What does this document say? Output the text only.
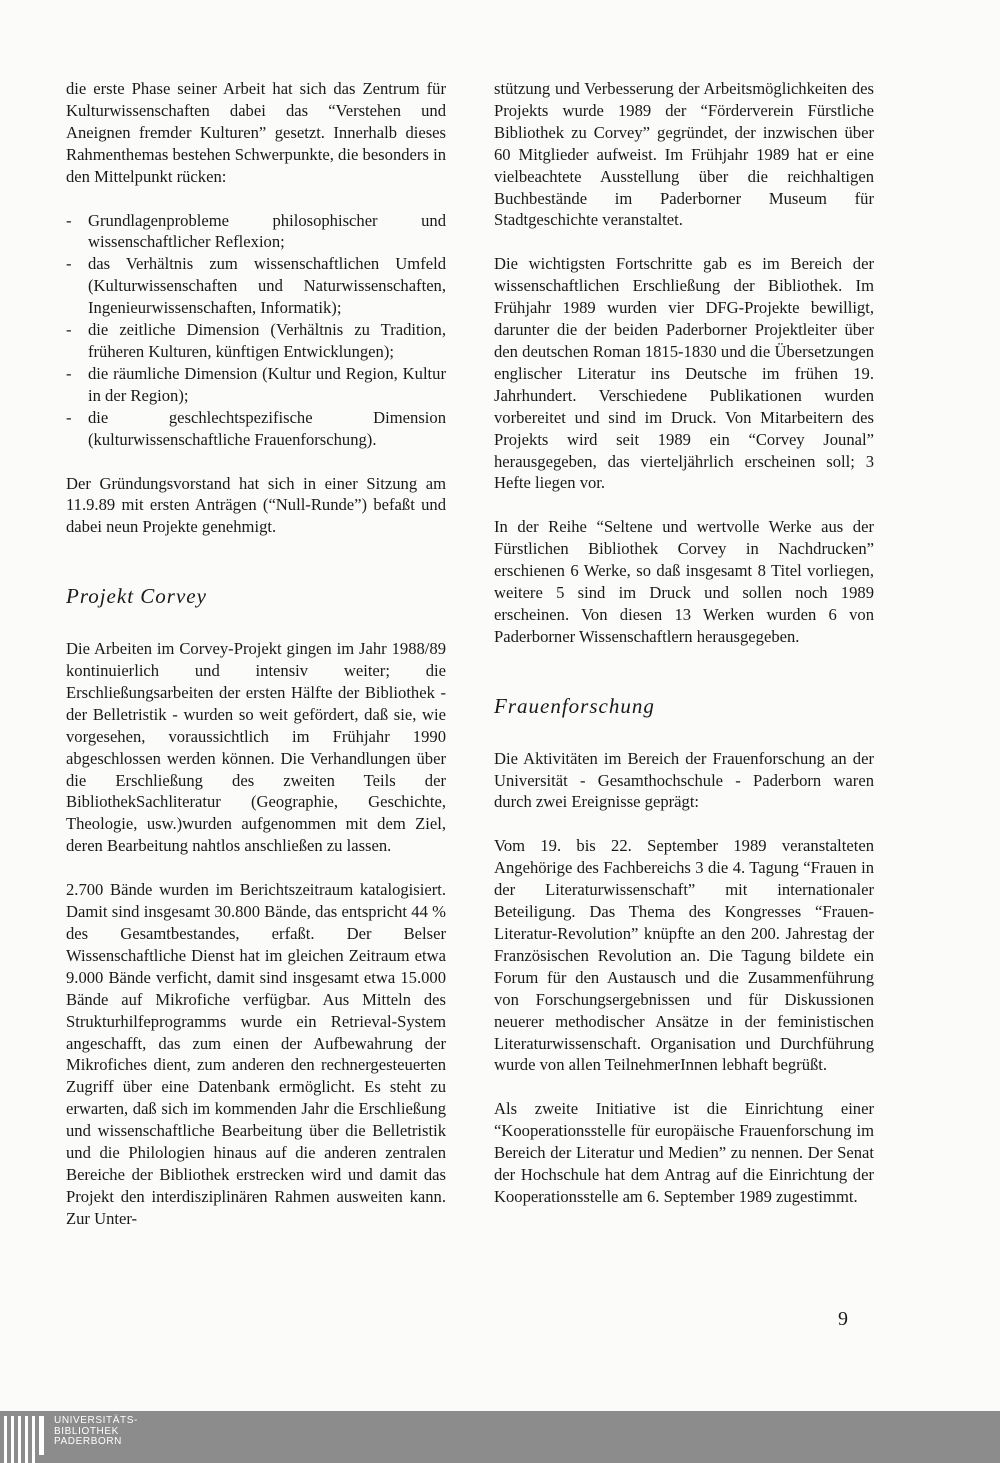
die erste Phase seiner Arbeit hat sich das Zentrum für Kulturwissenschaften dabei das “Verstehen und Aneignen fremder Kulturen” gesetzt. Innerhalb dieses Rahmenthemas bestehen Schwerpunkte, die besonders in den Mittelpunkt rücken:

- Grundlagenprobleme philosophischer und wissenschaftlicher Reflexion;
- das Verhältnis zum wissenschaftlichen Umfeld (Kulturwissenschaften und Naturwissenschaften, Ingenieurwissenschaften, Informatik);
- die zeitliche Dimension (Verhältnis zu Tradition, früheren Kulturen, künftigen Entwicklungen);
- die räumliche Dimension (Kultur und Region, Kultur in der Region);
- die geschlechtspezifische Dimension (kulturwissenschaftliche Frauenforschung).

Der Gründungsvorstand hat sich in einer Sitzung am 11.9.89 mit ersten Anträgen (“Null-Runde”) befaßt und dabei neun Projekte genehmigt.

Projekt Corvey

Die Arbeiten im Corvey-Projekt gingen im Jahr 1988/89 kontinuierlich und intensiv weiter; die Erschließungsarbeiten der ersten Hälfte der Bibliothek - der Belletristik - wurden so weit gefördert, daß sie, wie vorgesehen, voraussichtlich im Frühjahr 1990 abgeschlossen werden können. Die Verhandlungen über die Erschließung des zweiten Teils der BibliothekSachliteratur (Geographie, Geschichte, Theologie, usw.)wurden aufgenommen mit dem Ziel, deren Bearbeitung nahtlos anschließen zu lassen.

2.700 Bände wurden im Berichtszeitraum katalogisiert. Damit sind insgesamt 30.800 Bände, das entspricht 44 % des Gesamtbestandes, erfaßt. Der Belser Wissenschaftliche Dienst hat im gleichen Zeitraum etwa 9.000 Bände verficht, damit sind insgesamt etwa 15.000 Bände auf Mikrofiche verfügbar. Aus Mitteln des Strukturhilfeprogramms wurde ein Retrieval-System angeschafft, das zum einen der Aufbewahrung der Mikrofiches dient, zum anderen den rechnergesteuerten Zugriff über eine Datenbank ermöglicht. Es steht zu erwarten, daß sich im kommenden Jahr die Erschließung und wissenschaftliche Bearbeitung über die Belletristik und die Philologien hinaus auf die anderen zentralen Bereiche der Bibliothek erstrecken wird und damit das Projekt den interdisziplinären Rahmen ausweiten kann. Zur Unter-

stützung und Verbesserung der Arbeitsmöglichkeiten des Projekts wurde 1989 der “Förderverein Fürstliche Bibliothek zu Corvey” gegründet, der inzwischen über 60 Mitglieder aufweist. Im Frühjahr 1989 hat er eine vielbeachtete Ausstellung über die reichhaltigen Buchbestände im Paderborner Museum für Stadtgeschichte veranstaltet.

Die wichtigsten Fortschritte gab es im Bereich der wissenschaftlichen Erschließung der Bibliothek. Im Frühjahr 1989 wurden vier DFG-Projekte bewilligt, darunter die der beiden Paderborner Projektleiter über den deutschen Roman 1815-1830 und die Übersetzungen englischer Literatur ins Deutsche im frühen 19. Jahrhundert. Verschiedene Publikationen wurden vorbereitet und sind im Druck. Von Mitarbeitern des Projekts wird seit 1989 ein “Corvey Jounal” herausgegeben, das vierteljährlich erscheinen soll; 3 Hefte liegen vor.

In der Reihe “Seltene und wertvolle Werke aus der Fürstlichen Bibliothek Corvey in Nachdrucken” erschienen 6 Werke, so daß insgesamt 8 Titel vorliegen, weitere 5 sind im Druck und sollen noch 1989 erscheinen. Von diesen 13 Werken wurden 6 von Paderborner Wissenschaftlern herausgegeben.

Frauenforschung

Die Aktivitäten im Bereich der Frauenforschung an der Universität - Gesamthochschule - Paderborn waren durch zwei Ereignisse geprägt:

Vom 19. bis 22. September 1989 veranstalteten Angehörige des Fachbereichs 3 die 4. Tagung “Frauen in der Literaturwissenschaft” mit internationaler Beteiligung. Das Thema des Kongresses “Frauen-Literatur-Revolution” knüpfte an den 200. Jahrestag der Französischen Revolution an. Die Tagung bildete ein Forum für den Austausch und die Zusammenführung von Forschungsergebnissen und für Diskussionen neuerer methodischer Ansätze in der feministischen Literaturwissenschaft. Organisation und Durchführung wurde von allen TeilnehmerInnen lebhaft begrüßt.

Als zweite Initiative ist die Einrichtung einer “Kooperationsstelle für europäische Frauenforschung im Bereich der Literatur und Medien” zu nennen. Der Senat der Hochschule hat dem Antrag auf die Einrichtung der Kooperationsstelle am 6. September 1989 zugestimmt.

9
UNIVERSITÄTS-
BIBLIOTHEK
PADERBORN
